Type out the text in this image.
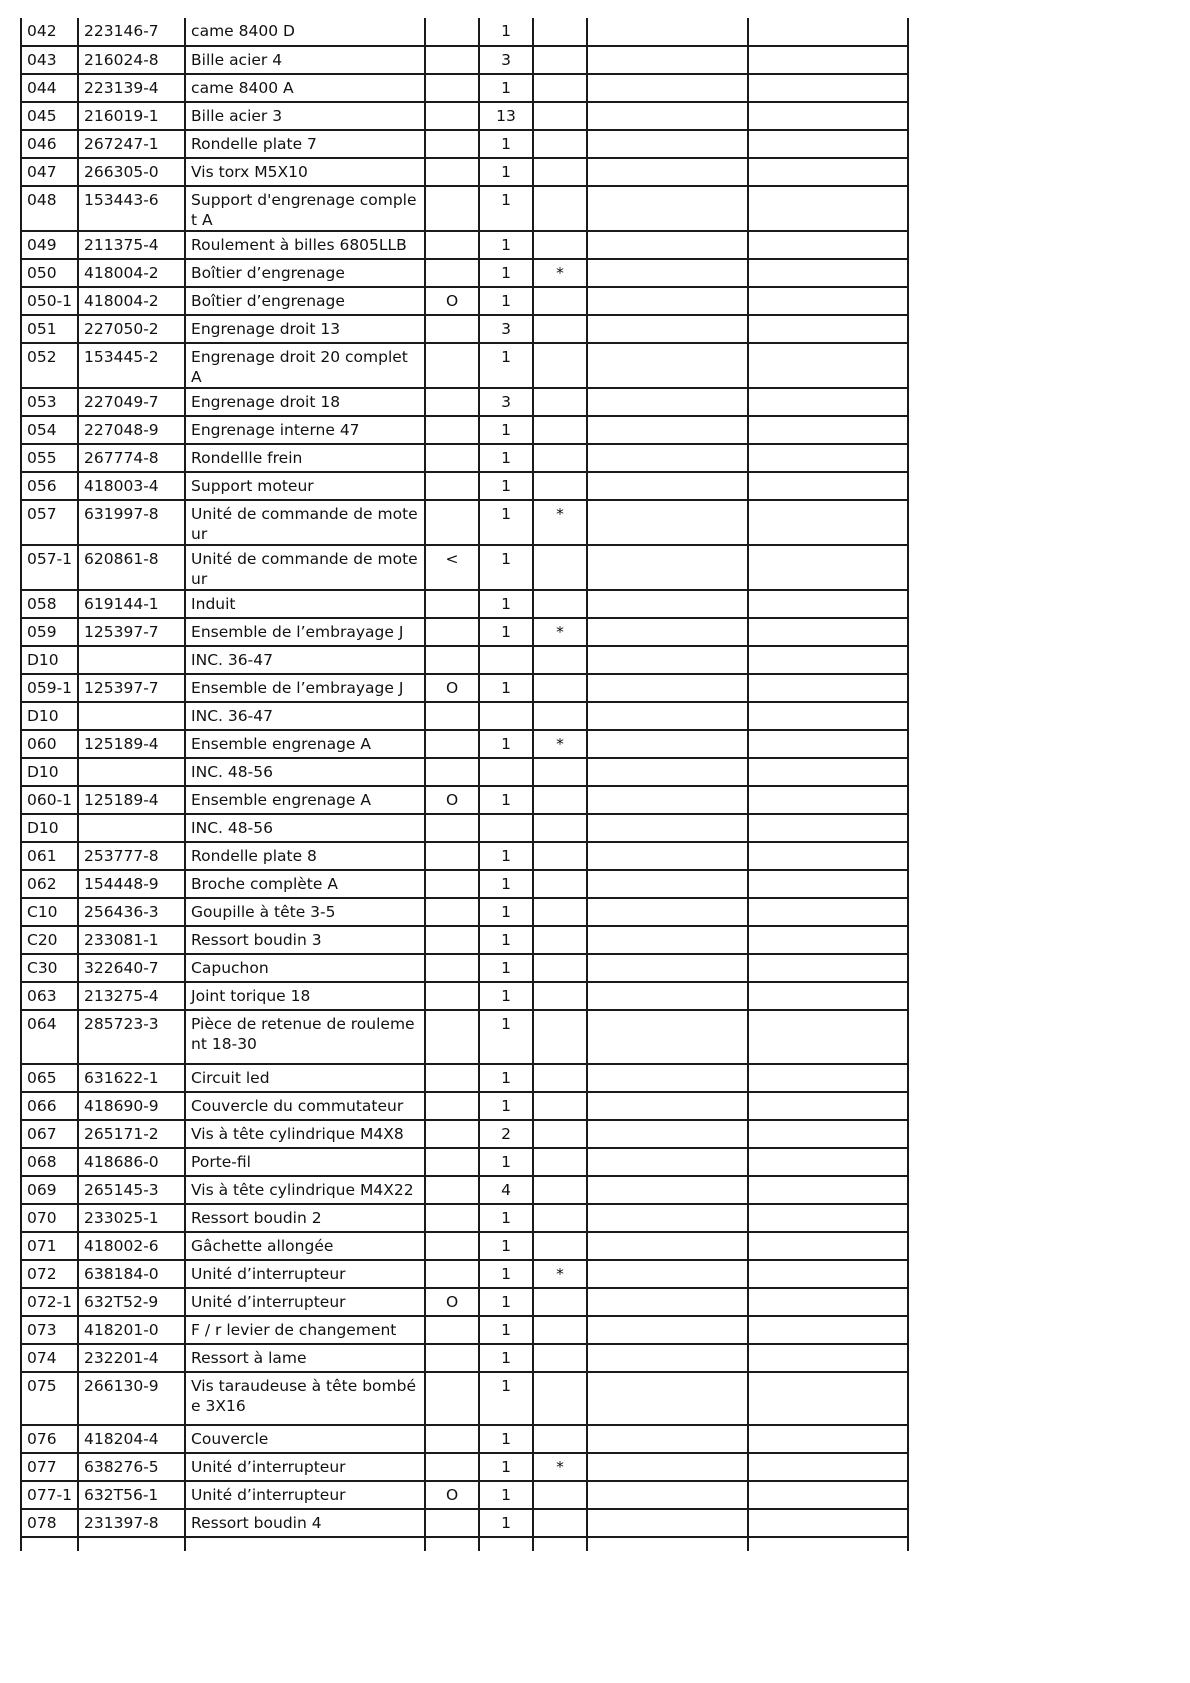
042	223146-7	came 8400 D		1			
043	216024-8	Bille acier 4		3			
044	223139-4	came 8400 A		1			
045	216019-1	Bille acier 3		13			
046	267247-1	Rondelle plate 7		1			
047	266305-0	Vis torx M5X10		1			
048	153443-6	Support d'engrenage complet A		1			
049	211375-4	Roulement à billes 6805LLB		1			
050	418004-2	Boîtier d’engrenage		1	*		
050-1	418004-2	Boîtier d’engrenage	O	1			
051	227050-2	Engrenage droit 13		3			
052	153445-2	Engrenage droit 20 complet A		1			
053	227049-7	Engrenage droit 18		3			
054	227048-9	Engrenage interne 47		1			
055	267774-8	Rondellle frein		1			
056	418003-4	Support moteur		1			
057	631997-8	Unité de commande de moteur		1	*		
057-1	620861-8	Unité de commande de moteur	<	1			
058	619144-1	Induit		1			
059	125397-7	Ensemble de l’embrayage J		1	*		
D10		INC. 36-47					
059-1	125397-7	Ensemble de l’embrayage J	O	1			
D10		INC. 36-47					
060	125189-4	Ensemble engrenage A		1	*		
D10		INC. 48-56					
060-1	125189-4	Ensemble engrenage A	O	1			
D10		INC. 48-56					
061	253777-8	Rondelle plate 8		1			
062	154448-9	Broche complète A		1			
C10	256436-3	Goupille à tête 3-5		1			
C20	233081-1	Ressort boudin 3		1			
C30	322640-7	Capuchon		1			
063	213275-4	Joint torique 18		1			
064	285723-3	Pièce de retenue de roulement 18-30		1			
065	631622-1	Circuit led		1			
066	418690-9	Couvercle du commutateur		1			
067	265171-2	Vis à tête cylindrique M4X8		2			
068	418686-0	Porte-fil		1			
069	265145-3	Vis à tête cylindrique M4X22		4			
070	233025-1	Ressort boudin 2		1			
071	418002-6	Gâchette allongée		1			
072	638184-0	Unité d’interrupteur		1	*		
072-1	632T52-9	Unité d’interrupteur	O	1			
073	418201-0	F / r levier de changement		1			
074	232201-4	Ressort à lame		1			
075	266130-9	Vis taraudeuse à tête bombée 3X16		1			
076	418204-4	Couvercle		1			
077	638276-5	Unité d’interrupteur		1	*		
077-1	632T56-1	Unité d’interrupteur	O	1			
078	231397-8	Ressort boudin 4		1			
